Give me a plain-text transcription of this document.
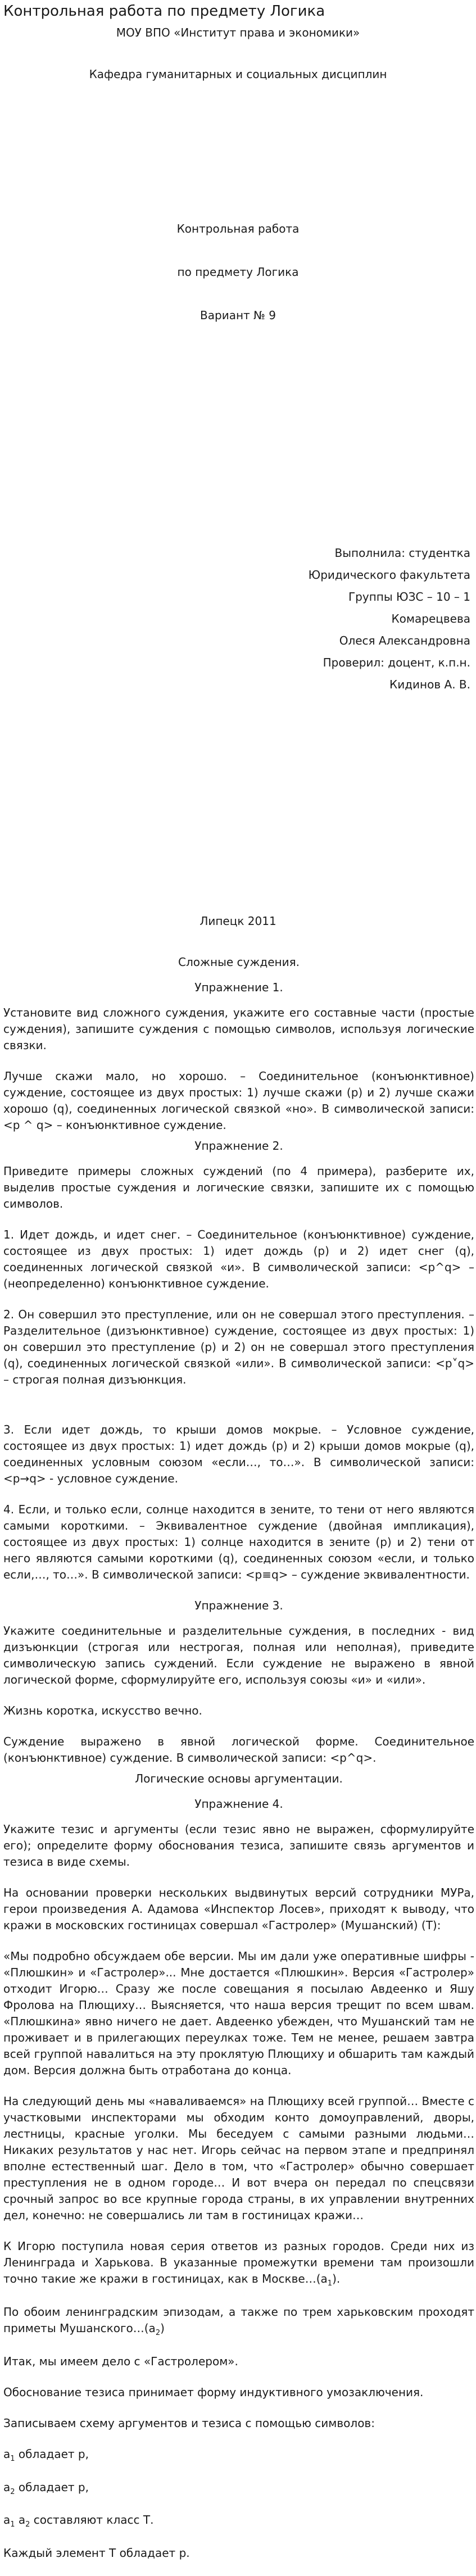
Контрольная работа по предмету Логика

МОУ ВПО «Институт права и экономики»

Кафедра гуманитарных и социальных дисциплин

Контрольная работа

по предмету Логика

Вариант № 9

Выполнила: студентка

Юридического факультета

Группы ЮЗС – 10 – 1

Комарецвева

Олеся Александровна

Проверил: доцент, к.п.н.

Кидинов А. В.

Липецк 2011

Сложные суждения.

Упражнение 1.

Установите вид сложного суждения, укажите его составные части (простые суждения), запишите суждения с помощью символов, используя логические связки.

Лучше скажи мало, но хорошо. – Соединительное (конъюнктивное) суждение, состоящее из двух простых: 1) лучше скажи (р) и 2) лучше скажи хорошо (q), соединенных логической связкой «но». В символической записи: <p ^ q> – конъюнктивное суждение.

Упражнение 2.

Приведите примеры сложных суждений (по 4 примера), разберите их, выделив простые суждения и логические связки, запишите их с помощью символов.

1. Идет дождь, и идет снег. – Соединительное (конъюнктивное) суждение, состоящее из двух простых: 1) идет дождь (р) и 2) идет снег (q), соединенных логической связкой «и». В символической записи: <р^q> – (неопределенно) конъюнктивное суждение.

2. Он совершил это преступление, или он не совершал этого преступления. – Разделительное (дизъюнктивное) суждение, состоящее из двух простых: 1) он совершил это преступление (р) и 2) он не совершал этого преступления (q), соединенных логической связкой «или». В символической записи: <р˅q> – строгая полная дизъюнкция.

3. Если идет дождь, то крыши домов мокрые. – Условное суждение, состоящее из двух простых: 1) идет дождь (р) и 2) крыши домов мокрые (q), соединенных условным союзом «если…, то…». В символической записи: <р→q> - условное суждение.

4. Если, и только если, солнце находится в зените, то тени от него являются самыми короткими. – Эквивалентное суждение (двойная импликация), состоящее из двух простых: 1) солнце находится в зените (р) и 2) тени от него являются самыми короткими (q), соединенных союзом «если, и только если,…, то…». В символической записи: <р≡q> – суждение эквивалентности.

Упражнение 3.

Укажите соединительные и разделительные суждения, в последних - вид дизъюнкции (строгая или нестрогая, полная или неполная), приведите символическую запись суждений. Если суждение не выражено в явной логической форме, сформулируйте его, используя союзы «и» и «или».

Жизнь коротка, искусство вечно.

Суждение выражено в явной логической форме. Соединительное (конъюнктивное) суждение. В символической записи: <р^q>.

Логические основы аргументации.

Упражнение 4.

Укажите тезис и аргументы (если тезис явно не выражен, сформулируйте его); определите форму обоснования тезиса, запишите связь аргументов и тезиса в виде схемы.

На основании проверки нескольких выдвинутых версий сотрудники МУРа, герои произведения А. Адамова «Инспектор Лосев», приходят к выводу, что кражи в московских гостиницах совершал «Гастролер» (Мушанский) (Т):

«Мы подробно обсуждаем обе версии. Мы им дали уже оперативные шифры - «Плюшкин» и «Гастролер»... Мне достается «Плюшкин». Версия «Гастролер» отходит Игорю… Сразу же после совещания я посылаю Авдеенко и Яшу Фролова на Плющиху… Выясняется, что наша версия трещит по всем швам. «Плюшкина» явно ничего не дает. Авдеенко убежден, что Мушанский там не проживает и в прилегающих переулках тоже. Тем не менее, решаем завтра всей группой навалиться на эту проклятую Плющиху и обшарить там каждый дом. Версия должна быть отработана до конца.

На следующий день мы «наваливаемся» на Плющиху всей группой… Вместе с участковыми инспекторами мы обходим конто домоуправлений, дворы, лестницы, красные уголки. Мы беседуем с самыми разными людьми… Никаких результатов у нас нет. Игорь сейчас на первом этапе и предпринял вполне естественный шаг. Дело в том, что «Гастролер» обычно совершает преступления не в одном городе… И вот вчера он передал по спецсвязи срочный запрос во все крупные города страны, в их управлении внутренних дел, конечно: не совершались ли там в гостиницах кражи…

К Игорю поступила новая серия ответов из разных городов. Среди них из Ленинграда и Харькова. В указанные промежутки времени там произошли точно такие же кражи в гостиницах, как в $Москве\dots(а_1)$.

По обоим ленинградским эпизодам, а также по трем харьковским проходят приметы $Мушанского\dots(а_2)$

Итак, мы имеем дело с «Гастролером».

Обоснование тезиса принимает форму индуктивного умозаключения.

Записываем схему аргументов и тезиса с помощью символов:

$a_1$ обладает р,

$a_2$ обладает р,

$a_1$ $a_2$ составляют класс Т.

Каждый элемент Т обладает р.
